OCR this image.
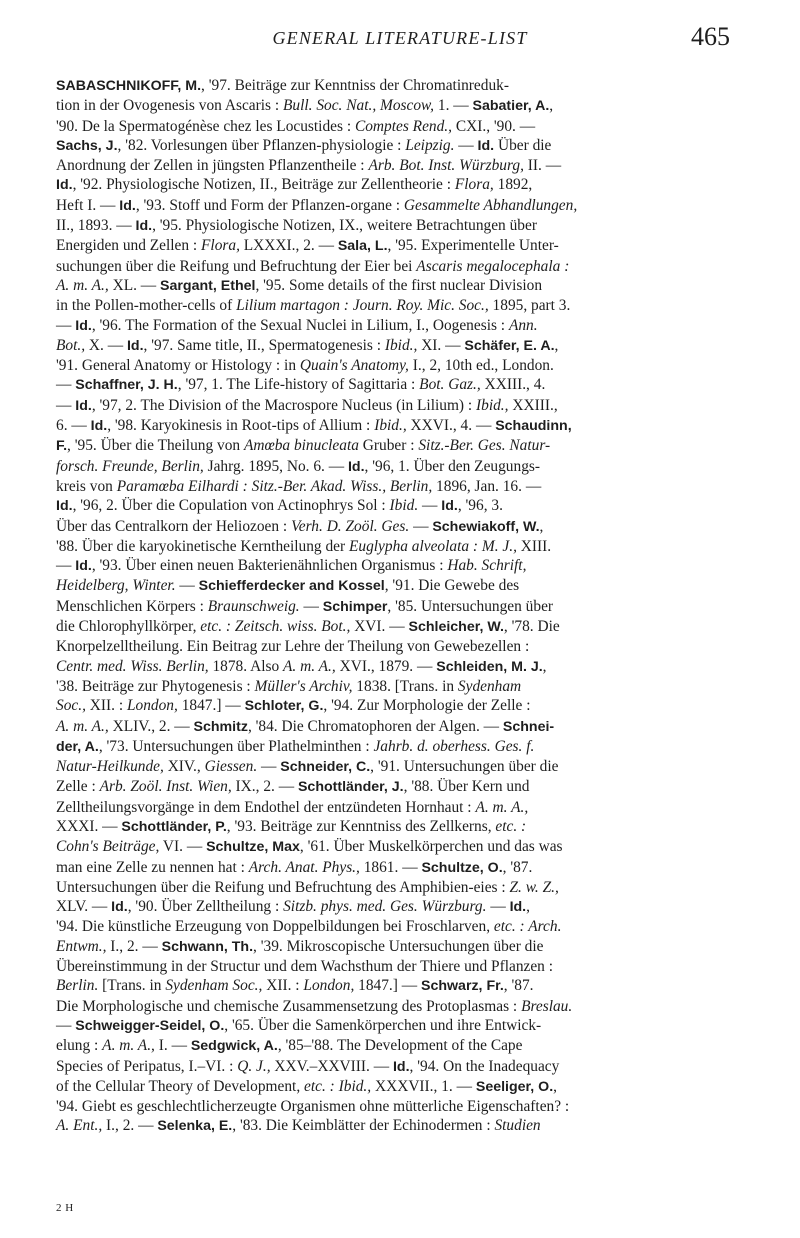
GENERAL LITERATURE-LIST	465
SABASCHNIKOFF, M., '97. Beiträge zur Kenntniss der Chromatinreduk-
tion in der Ovogenesis von Ascaris : Bull. Soc. Nat., Moscow, 1. — Sabatier, A.,
'90. De la Spermatogénèse chez les Locustides : Comptes Rend., CXI., '90. —
Sachs, J., '82. Vorlesungen über Pflanzen-physiologie : Leipzig. — Id. Über die
Anordnung der Zellen in jüngsten Pflanzentheile : Arb. Bot. Inst. Würzburg, II. —
Id., '92. Physiologische Notizen, II., Beiträge zur Zellentheorie : Flora, 1892,
Heft I. — Id., '93. Stoff und Form der Pflanzen-organe : Gesammelte Abhandlungen,
II., 1893. — Id., '95. Physiologische Notizen, IX., weitere Betrachtungen über
Energiden und Zellen : Flora, LXXXI., 2. — Sala, L., '95. Experimentelle Unter-
suchungen über die Reifung und Befruchtung der Eier bei Ascaris megalocephala :
A. m. A., XL. — Sargant, Ethel, '95. Some details of the first nuclear Division
in the Pollen-mother-cells of Lilium martagon : Journ. Roy. Mic. Soc., 1895, part 3.
— Id., '96. The Formation of the Sexual Nuclei in Lilium, I., Oogenesis : Ann.
Bot., X. — Id., '97. Same title, II., Spermatogenesis : Ibid., XI. — Schäfer, E. A.,
'91. General Anatomy or Histology : in Quain's Anatomy, I., 2, 10th ed., London.
— Schaffner, J. H., '97, 1. The Life-history of Sagittaria : Bot. Gaz., XXIII., 4.
— Id., '97, 2. The Division of the Macrospore Nucleus (in Lilium) : Ibid., XXIII.,
6. — Id., '98. Karyokinesis in Root-tips of Allium : Ibid., XXVI., 4. — Schaudinn,
F., '95. Über die Theilung von Amœba binucleata Gruber : Sitz.-Ber. Ges. Natur-
forsch. Freunde, Berlin, Jahrg. 1895, No. 6. — Id., '96, 1. Über den Zeugungs-
kreis von Paramœba Eilhardi : Sitz.-Ber. Akad. Wiss., Berlin, 1896, Jan. 16. —
Id., '96, 2. Über die Copulation von Actinophrys Sol : Ibid. — Id., '96, 3.
Über das Centralkorn der Heliozoen : Verh. D. Zoöl. Ges. — Schewiakoff, W.,
'88. Über die karyokinetische Kerntheilung der Euglypha alveolata : M. J., XIII.
— Id., '93. Über einen neuen Bakterienähnlichen Organismus : Hab. Schrift,
Heidelberg, Winter. — Schiefferdecker and Kossel, '91. Die Gewebe des
Menschlichen Körpers : Braunschweig. — Schimper, '85. Untersuchungen über
die Chlorophyllkörper, etc. : Zeitsch. wiss. Bot., XVI. — Schleicher, W., '78. Die
Knorpelzelltheilung. Ein Beitrag zur Lehre der Theilung von Gewebezellen :
Centr. med. Wiss. Berlin, 1878. Also A. m. A., XVI., 1879. — Schleiden, M. J.,
'38. Beiträge zur Phytogenesis : Müller's Archiv, 1838. [Trans. in Sydenham
Soc., XII. : London, 1847.] — Schloter, G., '94. Zur Morphologie der Zelle :
A. m. A., XLIV., 2. — Schmitz, '84. Die Chromatophoren der Algen. — Schnei-
der, A., '73. Untersuchungen über Plathelminthen : Jahrb. d. oberhess. Ges. f.
Natur-Heilkunde, XIV., Giessen. — Schneider, C., '91. Untersuchungen über die
Zelle : Arb. Zoöl. Inst. Wien, IX., 2. — Schottländer, J., '88. Über Kern und
Zelltheilungsvorgänge in dem Endothel der entzündeten Hornhaut : A. m. A.,
XXXI. — Schottländer, P., '93. Beiträge zur Kenntniss des Zellkerns, etc. :
Cohn's Beiträge, VI. — Schultze, Max, '61. Über Muskelkörperchen und das was
man eine Zelle zu nennen hat : Arch. Anat. Phys., 1861. — Schultze, O., '87.
Untersuchungen über die Reifung und Befruchtung des Amphibien-eies : Z. w. Z.,
XLV. — Id., '90. Über Zelltheilung : Sitzb. phys. med. Ges. Würzburg. — Id.,
'94. Die künstliche Erzeugung von Doppelbildungen bei Froschlarven, etc. : Arch.
Entwm., I., 2. — Schwann, Th., '39. Mikroscopische Untersuchungen über die
Übereinstimmung in der Structur und dem Wachsthum der Thiere und Pflanzen :
Berlin. [Trans. in Sydenham Soc., XII. : London, 1847.] — Schwarz, Fr., '87.
Die Morphologische und chemische Zusammensetzung des Protoplasmas : Breslau.
— Schweigger-Seidel, O., '65. Über die Samenkörperchen und ihre Entwick-
elung : A. m. A., I. — Sedgwick, A., '85–'88. The Development of the Cape
Species of Peripatus, I.–VI. : Q. J., XXV.–XXVIII. — Id., '94. On the Inadequacy
of the Cellular Theory of Development, etc. : Ibid., XXXVII., 1. — Seeliger, O.,
'94. Giebt es geschlechtlicherzeugte Organismen ohne mütterliche Eigenschaften? :
A. Ent., I., 2. — Selenka, E., '83. Die Keimblätter der Echinodermen : Studien
2 H
